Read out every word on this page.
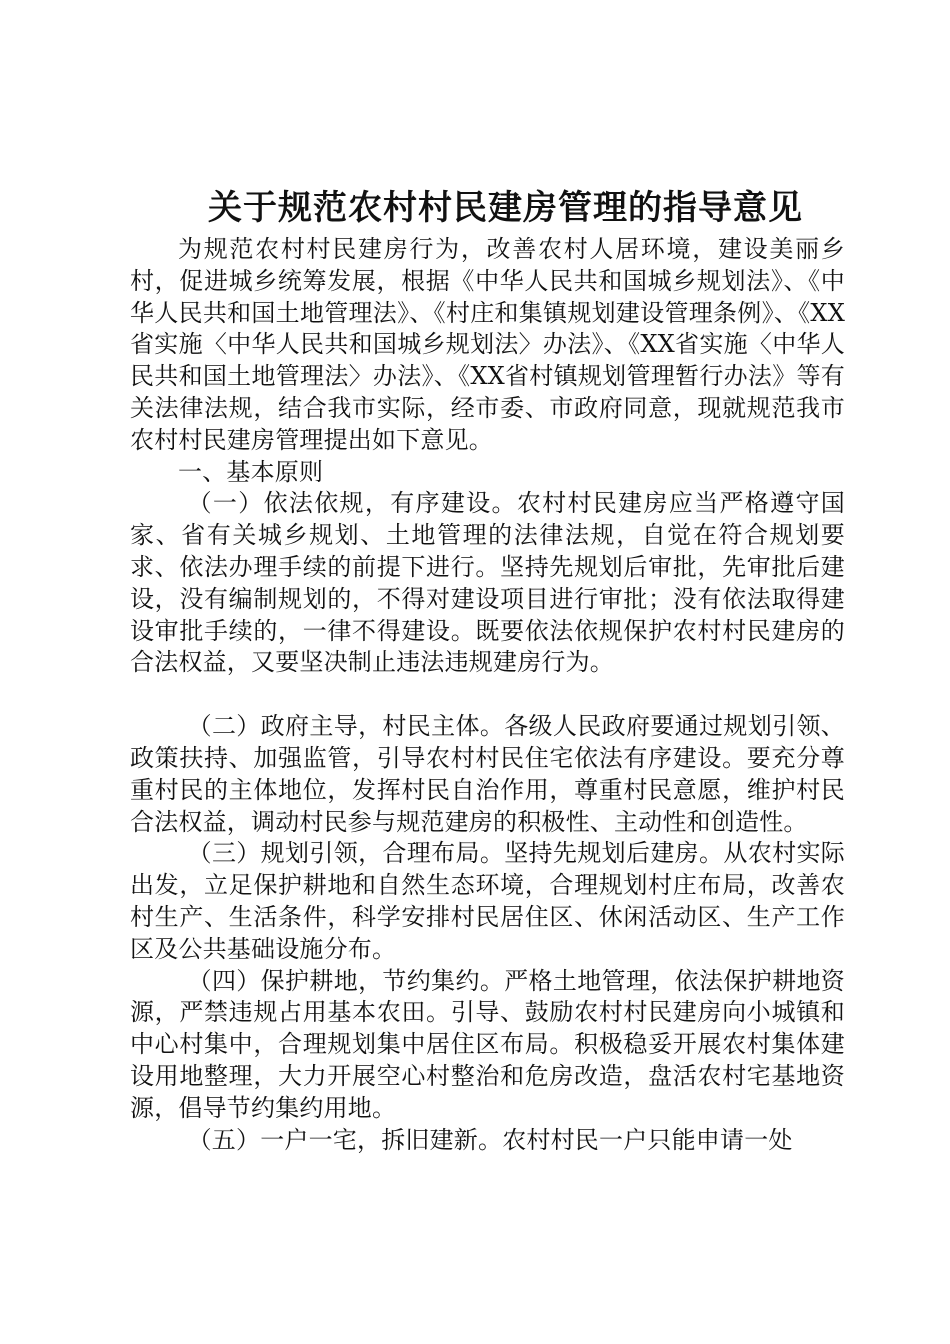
关于规范农村村民建房管理的指导意见

为规范农村村民建房行为，改善农村人居环境，建设美丽乡村，促进城乡统筹发展，根据《中华人民共和国城乡规划法》、《中华人民共和国土地管理法》、《村庄和集镇规划建设管理条例》、《XX省实施〈中华人民共和国城乡规划法〉办法》、《XX省实施〈中华人民共和国土地管理法〉办法》、《XX省村镇规划管理暂行办法》等有关法律法规，结合我市实际，经市委、市政府同意，现就规范我市农村村民建房管理提出如下意见。

一、基本原则

（一）依法依规，有序建设。农村村民建房应当严格遵守国家、省有关城乡规划、土地管理的法律法规，自觉在符合规划要求、依法办理手续的前提下进行。坚持先规划后审批，先审批后建设，没有编制规划的，不得对建设项目进行审批；没有依法取得建设审批手续的，一律不得建设。既要依法依规保护农村村民建房的合法权益，又要坚决制止违法违规建房行为。

（二）政府主导，村民主体。各级人民政府要通过规划引领、政策扶持、加强监管，引导农村村民住宅依法有序建设。要充分尊重村民的主体地位，发挥村民自治作用，尊重村民意愿，维护村民合法权益，调动村民参与规范建房的积极性、主动性和创造性。

（三）规划引领，合理布局。坚持先规划后建房。从农村实际出发，立足保护耕地和自然生态环境，合理规划村庄布局，改善农村生产、生活条件，科学安排村民居住区、休闲活动区、生产工作区及公共基础设施分布。

（四）保护耕地，节约集约。严格土地管理，依法保护耕地资源，严禁违规占用基本农田。引导、鼓励农村村民建房向小城镇和中心村集中，合理规划集中居住区布局。积极稳妥开展农村集体建设用地整理，大力开展空心村整治和危房改造，盘活农村宅基地资源，倡导节约集约用地。

（五）一户一宅，拆旧建新。农村村民一户只能申请一处
